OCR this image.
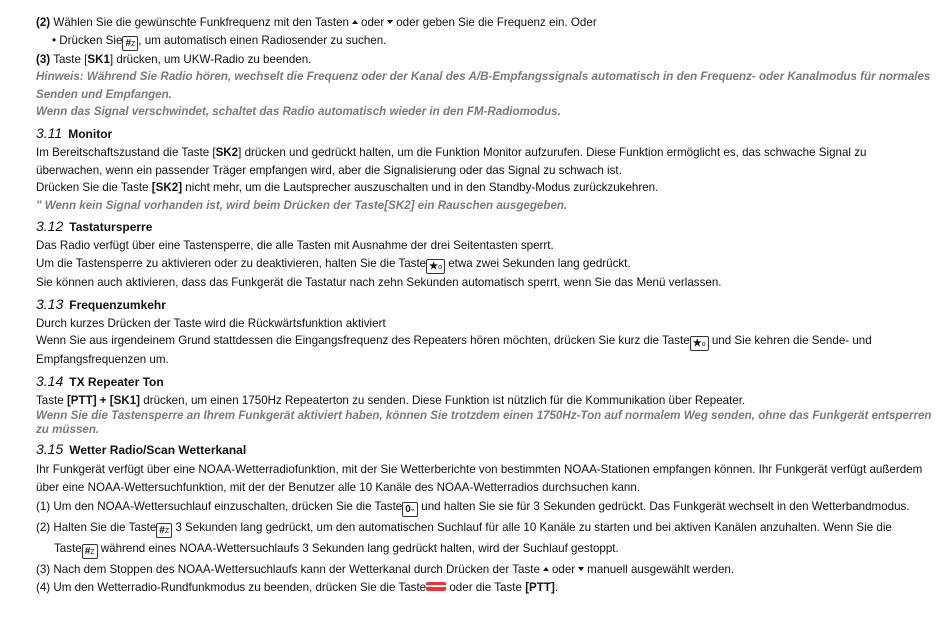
(2) Wählen Sie die gewünschte Funkfrequenz mit den Tasten oder oder geben Sie die Frequenz ein. Oder

• Drücken Sie #Z , um automatisch einen Radiosender zu suchen.

(3) Taste [SK1] drücken, um UKW-Radio zu beenden.

Hinweis: Während Sie Radio hören, wechselt die Frequenz oder der Kanal des A/B-Empfangssignals automatisch in den Frequenz- oder Kanalmodus für normales

Senden und Empfangen.

Wenn das Signal verschwindet, schaltet das Radio automatisch wieder in den FM-Radiomodus.

3.11 Monitor

Im Bereitschaftszustand die Taste [SK2] drücken und gedrückt halten, um die Funktion Monitor aufzurufen. Diese Funktion ermöglicht es, das schwache Signal zu

überwachen, wenn ein passender Träger empfangen wird, aber die Signalisierung oder das Signal zu schwach ist.

Drücken Sie die Taste [SK2] nicht mehr, um die Lautsprecher auszuschalten und in den Standby-Modus zurückzukehren.

" Wenn kein Signal vorhanden ist, wird beim Drücken der Taste[SK2] ein Rauschen ausgegeben.

3.12 Tastatursperre

Das Radio verfügt über eine Tastensperre, die alle Tasten mit Ausnahme der drei Seitentasten sperrt.

Um die Tastensperre zu aktivieren oder zu deaktivieren, halten Sie die Taste ★o etwa zwei Sekunden lang gedrückt.

Sie können auch aktivieren, dass das Funkgerät die Tastatur nach zehn Sekunden automatisch sperrt, wenn Sie das Menü verlassen.

3.13 Frequenzumkehr

Durch kurzes Drücken der Taste wird die Rückwärtsfunktion aktiviert

Wenn Sie aus irgendeinem Grund stattdessen die Eingangsfrequenz des Repeaters hören möchten, drücken Sie kurz die Taste ★o und Sie kehren die Sende- und

Empfangsfrequenzen um.

3.14 TX Repeater Ton

Taste [PTT] + [SK1] drücken, um einen 1750Hz Repeaterton zu senden. Diese Funktion ist nützlich für die Kommunikation über Repeater.

Wenn Sie die Tastensperre an Ihrem Funkgerät aktiviert haben, können Sie trotzdem einen 1750Hz-Ton auf normalem Weg senden, ohne das Funkgerät entsperren

zu müssen.

3.15 Wetter Radio/Scan Wetterkanal

Ihr Funkgerät verfügt über eine NOAA-Wetterradiofunktion, mit der Sie Wetterberichte von bestimmten NOAA-Stationen empfangen können. Ihr Funkgerät verfügt außerdem

über eine NOAA-Wettersuchfunktion, mit der der Benutzer alle 10 Kanäle des NOAA-Wetterradios durchsuchen kann.

(1) Um den NOAA-Wettersuchlauf einzuschalten, drücken Sie die Taste 0⌁ und halten Sie sie für 3 Sekunden gedrückt. Das Funkgerät wechselt in den Wetterbandmodus.

(2) Halten Sie die Taste #Z 3 Sekunden lang gedrückt, um den automatischen Suchlauf für alle 10 Kanäle zu starten und bei aktiven Kanälen anzuhalten. Wenn Sie die

Taste #Z während eines NOAA-Wettersuchlaufs 3 Sekunden lang gedrückt halten, wird der Suchlauf gestoppt.

(3) Nach dem Stoppen des NOAA-Wettersuchlaufs kann der Wetterkanal durch Drücken der Taste oder manuell ausgewählt werden.

(4) Um den Wetterradio-Rundfunkmodus zu beenden, drücken Sie die Taste oder die Taste [PTT].
